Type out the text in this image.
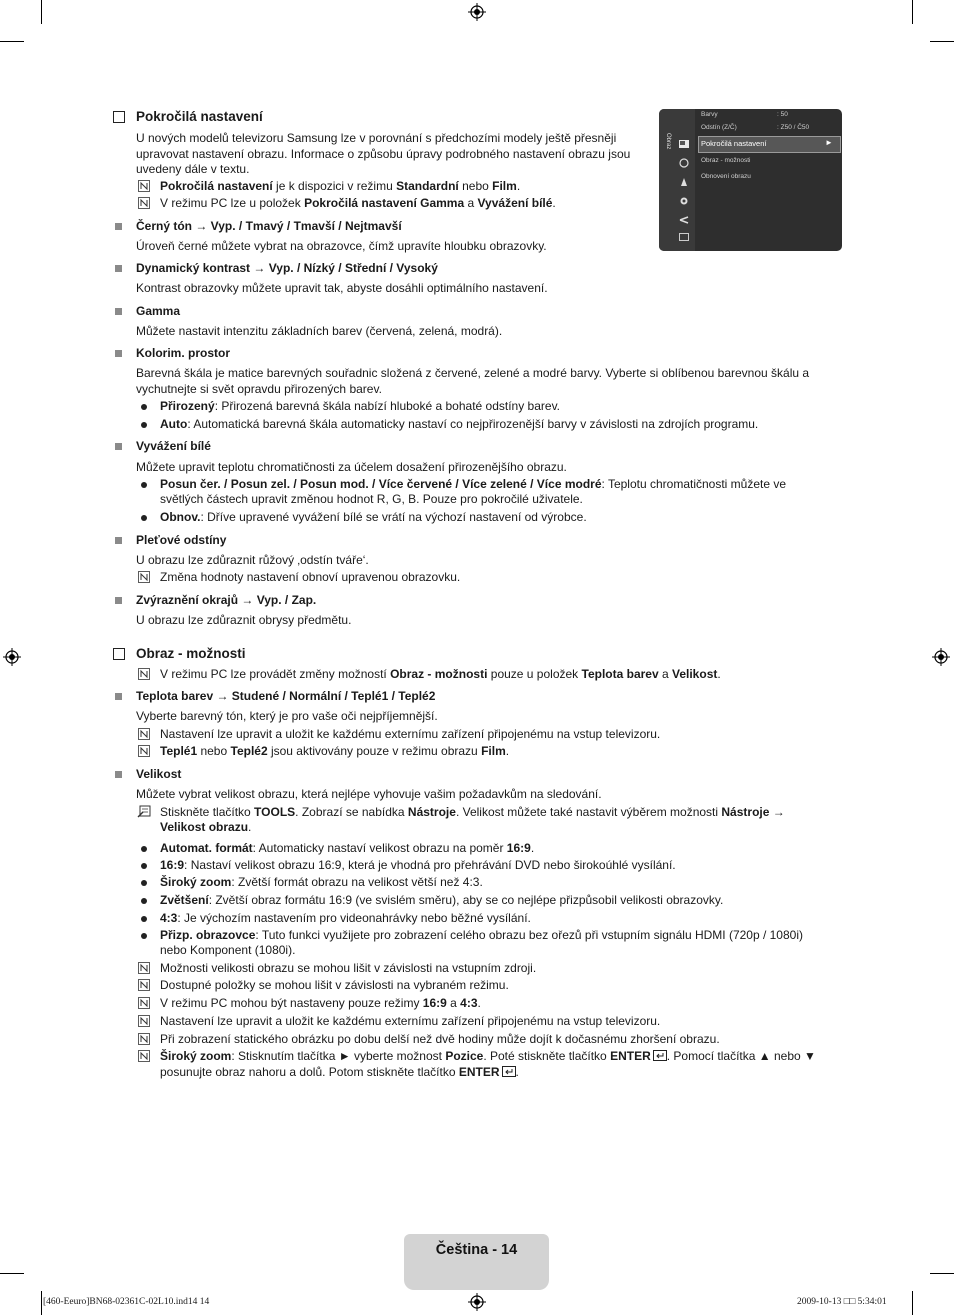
Pokročilá nastavení
U nových modelů televizoru Samsung lze v porovnání s předchozími modely ještě přesněji
upravovat nastavení obrazu. Informace o způsobu úpravy podrobného nastavení obrazu jsou
uvedeny dále v textu.
Pokročilá nastavení je k dispozici v režimu Standardní nebo Film.
V režimu PC lze u položek Pokročilá nastavení Gamma a Vyvážení bílé.
Černý tón → Vyp. / Tmavý / Tmavší / Nejtmavší
Úroveň černé můžete vybrat na obrazovce, čímž upravíte hloubku obrazovky.
Dynamický kontrast → Vyp. / Nízký / Střední / Vysoký
Kontrast obrazovky můžete upravit tak, abyste dosáhli optimálního nastavení.
Gamma
Můžete nastavit intenzitu základních barev (červená, zelená, modrá).
Kolorim. prostor
Barevná škála je matice barevných souřadnic složená z červené, zelené a modré barvy. Vyberte si oblíbenou barevnou škálu a
vychutnejte si svět opravdu přirozených barev.
Přirozený: Přirozená barevná škála nabízí hluboké a bohaté odstíny barev.
Auto: Automatická barevná škála automaticky nastaví co nejpřirozenější barvy v závislosti na zdrojích programu.
Vyvážení bílé
Můžete upravit teplotu chromatičnosti za účelem dosažení přirozenějšího obrazu.
Posun čer. / Posun zel. / Posun mod. / Více červené / Více zelené / Více modré: Teplotu chromatičnosti můžete ve
světlých částech upravit změnou hodnot R, G, B. Pouze pro pokročilé uživatele.
Obnov.: Dříve upravené vyvážení bílé se vrátí na výchozí nastavení od výrobce.
Pleťové odstíny
U obrazu lze zdůraznit růžový ‚odstín tváře‘.
Změna hodnoty nastavení obnoví upravenou obrazovku.
Zvýraznění okrajů → Vyp. / Zap.
U obrazu lze zdůraznit obrysy předmětu.
Obraz
Barvy	: 50
Odstín (Z/Č)	: Z50 / Č50
Pokročilá nastavení	►
Obraz - možnosti
Obnovení obrazu
Obraz - možnosti
V režimu PC lze provádět změny možností Obraz - možnosti pouze u položek Teplota barev a Velikost.
Teplota barev → Studené / Normální / Teplé1 / Teplé2
Vyberte barevný tón, který je pro vaše oči nejpříjemnější.
Nastavení lze upravit a uložit ke každému externímu zařízení připojenému na vstup televizoru.
Teplé1 nebo Teplé2 jsou aktivovány pouze v režimu obrazu Film.
Velikost
Můžete vybrat velikost obrazu, která nejlépe vyhovuje vašim požadavkům na sledování.
Stiskněte tlačítko TOOLS. Zobrazí se nabídka Nástroje. Velikost můžete také nastavit výběrem možnosti Nástroje →
Velikost obrazu.
Automat. formát: Automaticky nastaví velikost obrazu na poměr 16:9.
16:9: Nastaví velikost obrazu 16:9, která je vhodná pro přehrávání DVD nebo širokoúhlé vysílání.
Široký zoom: Zvětší formát obrazu na velikost větší než 4:3.
Zvětšení: Zvětší obraz formátu 16:9 (ve svislém směru), aby se co nejlépe přizpůsobil velikosti obrazovky.
4:3: Je výchozím nastavením pro videonahrávky nebo běžné vysílání.
Přizp. obrazovce: Tuto funkci využijete pro zobrazení celého obrazu bez ořezů při vstupním signálu HDMI (720p / 1080i)
nebo Komponent (1080i).
Možnosti velikosti obrazu se mohou lišit v závislosti na vstupním zdroji.
Dostupné položky se mohou lišit v závislosti na vybraném režimu.
V režimu PC mohou být nastaveny pouze režimy 16:9 a 4:3.
Nastavení lze upravit a uložit ke každému externímu zařízení připojenému na vstup televizoru.
Při zobrazení statického obrázku po dobu delší než dvě hodiny může dojít k dočasnému zhoršení obrazu.
Široký zoom: Stisknutím tlačítka ► vyberte možnost Pozice. Poté stiskněte tlačítko ENTER . Pomocí tlačítka ▲ nebo ▼
posunujte obraz nahoru a dolů. Potom stiskněte tlačítko ENTER .
Čeština - 14
[460-Eeuro]BN68-02361C-02L10.ind14 14	2009-10-13 □□ 5:34:01
